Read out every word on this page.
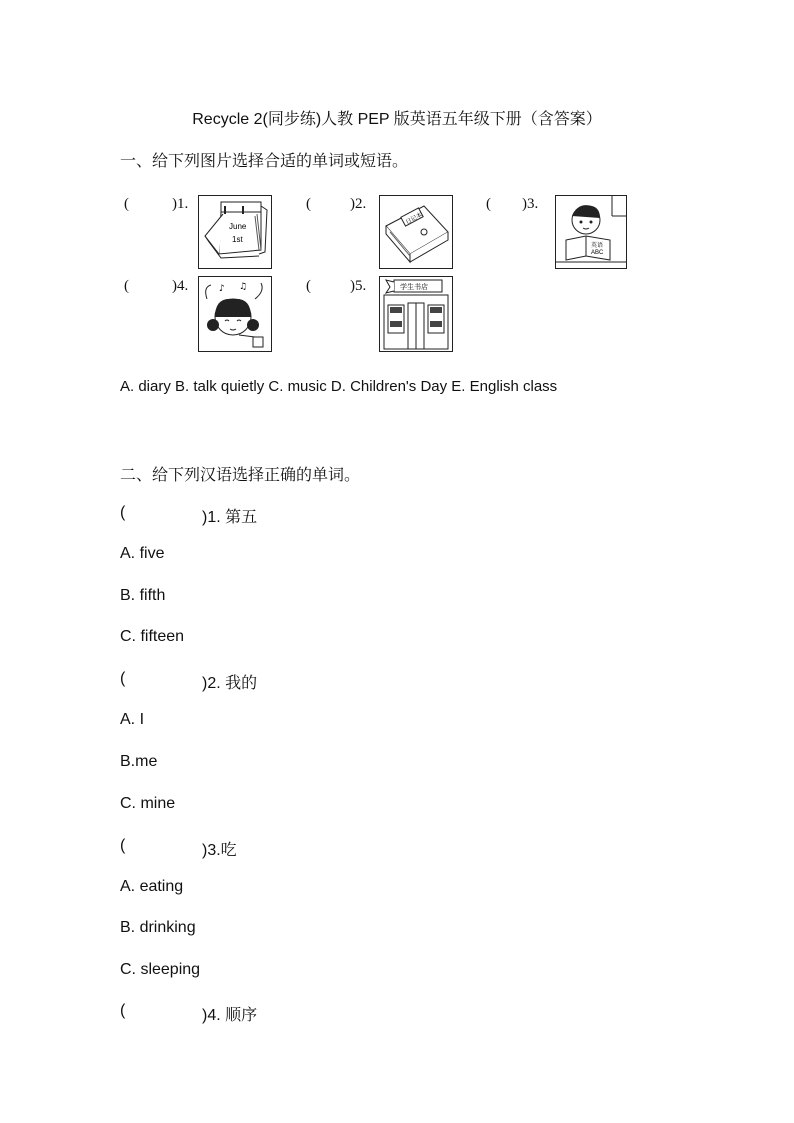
Recycle 2(同步练)人教 PEP 版英语五年级下册（含答案）
一、给下列图片选择合适的单词或短语。
(	)1.
June
1st
(	)2.
日记本
( )3.
英语
ABC
(	)4.	♪ ♫	(	)5.	学生书店
A. diary B. talk quietly C. music D. Children's Day E. English class
二、给下列汉语选择正确的单词。
(	)1. 第五
A. five
B. fifth
C. fifteen
(	)2. 我的
A. I
B.me
C. mine
(	)3.吃
A. eating
B. drinking
C. sleeping
(	)4. 顺序
